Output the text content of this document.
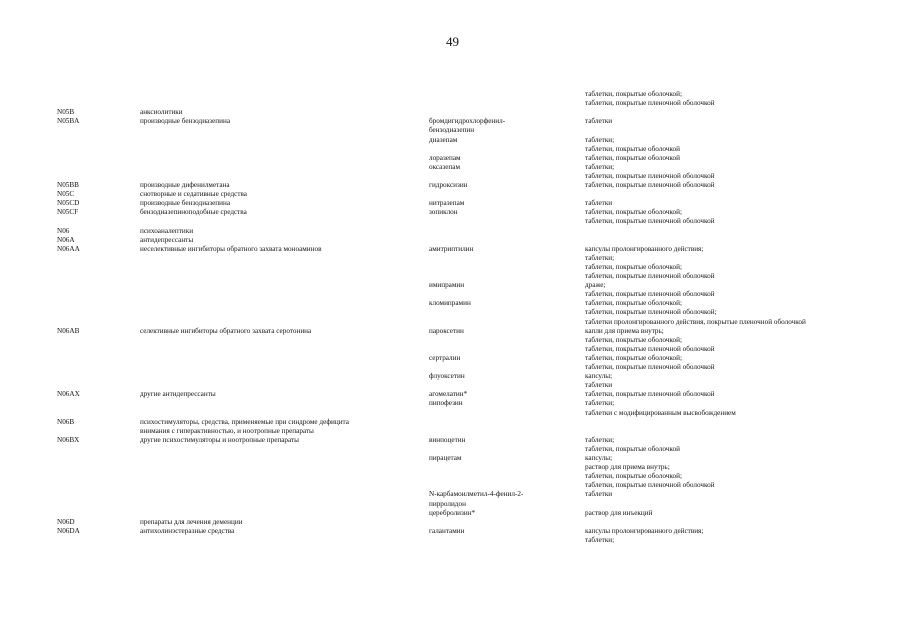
49
таблетки, покрытые оболочкой;
таблетки, покрытые пленочной оболочкой
N05B	анксиолитики
N05BA	производные бензодиазепина	бромдигидрохлорфенил-	таблетки
бензодиазепин
диазепам	таблетки;
таблетки, покрытые оболочкой
лоразепам	таблетки, покрытые оболочкой
оксазепам	таблетки;
таблетки, покрытые пленочной оболочкой
N05BB	производные дифенилметана	гидроксизин	таблетки, покрытые пленочной оболочкой
N05C	снотворные и седативные средства
N05CD	производные бензодиазепина	нитразепам	таблетки
N05CF	бензодиазепиноподобные средства	зопиклон	таблетки, покрытые оболочкой;
таблетки, покрытые пленочной оболочкой
N06	психоаналептики
N06A	антидепрессанты
N06AA	неселективные ингибиторы обратного захвата моноаминов	амитриптилин	капсулы пролонгированного действия;
таблетки;
таблетки, покрытые оболочкой;
таблетки, покрытые пленочной оболочкой
имипрамин	драже;
таблетки, покрытые пленочной оболочкой
кломипрамин	таблетки, покрытые оболочкой;
таблетки, покрытые пленочной оболочкой;
таблетки пролонгированного действия, покрытые пленочной оболочкой
N06AB	селективные ингибиторы обратного захвата серотонина	пароксетин	капли для приема внутрь;
таблетки, покрытые оболочкой;
таблетки, покрытые пленочной оболочкой
сертралин	таблетки, покрытые оболочкой;
таблетки, покрытые пленочной оболочкой
флуоксетин	капсулы;
таблетки
N06AX	другие антидепрессанты	агомелатин*	таблетки, покрытые пленочной оболочкой
пипофезин	таблетки;
таблетки с модифицированным высвобождением
N06B	психостимуляторы, средства, применяемые при синдроме дефицита
внимания с гиперактивностью, и ноотропные препараты
N06BX	другие психостимуляторы и ноотропные препараты	винпоцетин	таблетки;
таблетки, покрытые оболочкой
пирацетам	капсулы;
раствор для приема внутрь;
таблетки, покрытые оболочкой;
таблетки, покрытые пленочной оболочкой
N-карбамоилметил-4-фенил-2-	таблетки
пирролидон
церебролизин*	раствор для инъекций
N06D	препараты для лечения деменции
N06DA	антихолинэстеразные средства	галантамин	капсулы пролонгированного действия;
таблетки;
